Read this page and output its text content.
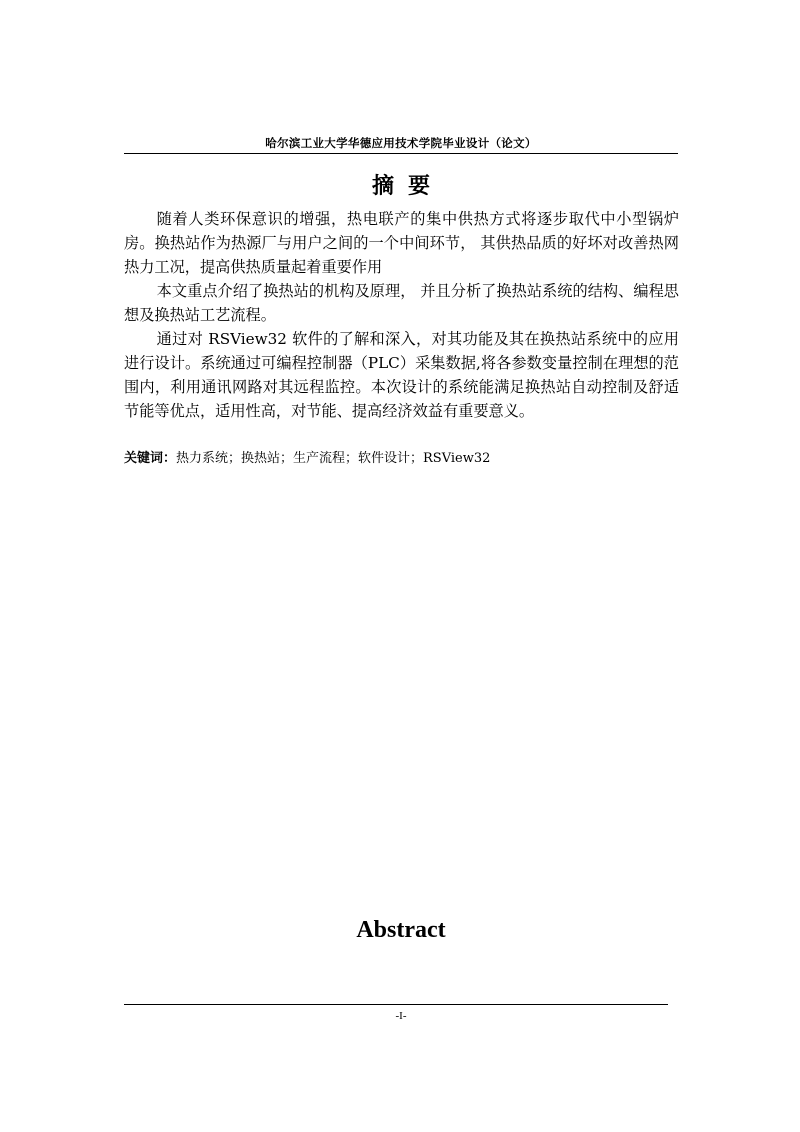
哈尔滨工业大学华德应用技术学院毕业设计（论文）
摘要

随着人类环保意识的增强，热电联产的集中供热方式将逐步取代中小型锅炉房。换热站作为热源厂与用户之间的一个中间环节， 其供热品质的好坏对改善热网热力工况，提高供热质量起着重要作用

本文重点介绍了换热站的机构及原理， 并且分析了换热站系统的结构、编程思想及换热站工艺流程。

通过对 RSView32 软件的了解和深入，对其功能及其在换热站系统中的应用进行设计。系统通过可编程控制器（PLC）采集数据,将各参数变量控制在理想的范围内，利用通讯网路对其远程监控。本次设计的系统能满足换热站自动控制及舒适节能等优点，适用性高，对节能、提高经济效益有重要意义。

关键词：热力系统；换热站；生产流程；软件设计；RSView32
Abstract
-I-
